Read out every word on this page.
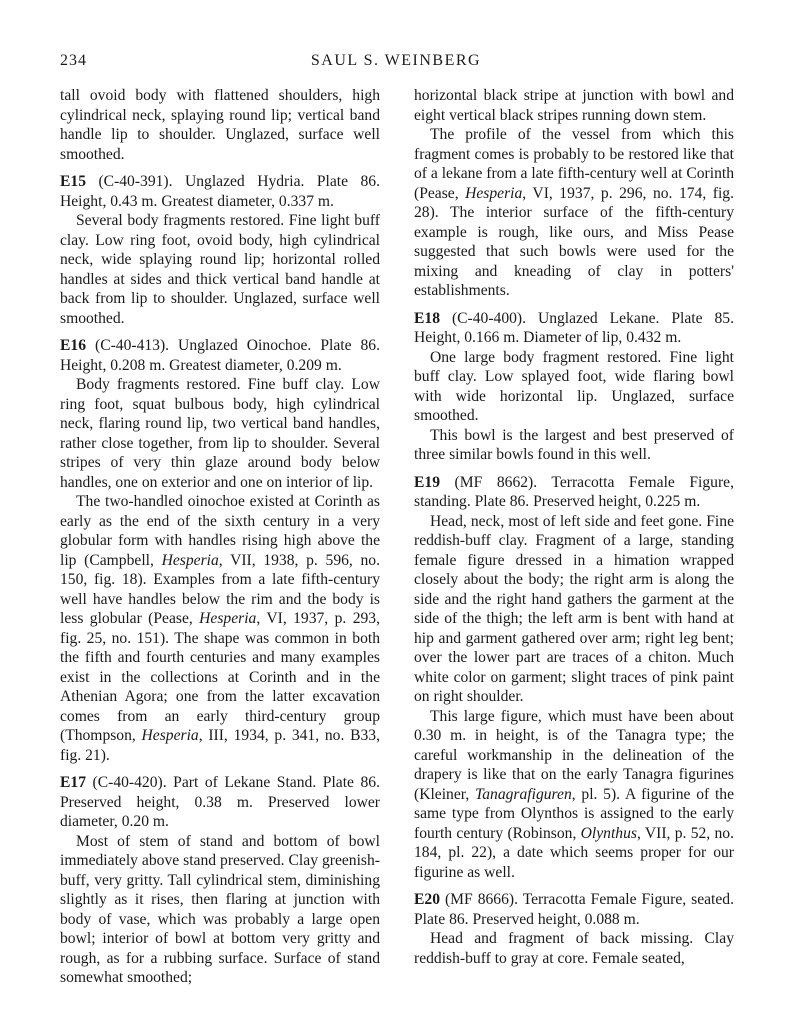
234	SAUL S. WEINBERG

tall ovoid body with flattened shoulders, high cylindrical neck, splaying round lip; vertical band handle lip to shoulder. Unglazed, surface well smoothed.

E15 (C-40-391). Unglazed Hydria. Plate 86. Height, 0.43 m. Greatest diameter, 0.337 m.

Several body fragments restored. Fine light buff clay. Low ring foot, ovoid body, high cylindrical neck, wide splaying round lip; horizontal rolled handles at sides and thick vertical band handle at back from lip to shoulder. Unglazed, surface well smoothed.

E16 (C-40-413). Unglazed Oinochoe. Plate 86. Height, 0.208 m. Greatest diameter, 0.209 m.

Body fragments restored. Fine buff clay. Low ring foot, squat bulbous body, high cylindrical neck, flaring round lip, two vertical band handles, rather close together, from lip to shoulder. Several stripes of very thin glaze around body below handles, one on exterior and one on interior of lip.

The two-handled oinochoe existed at Corinth as early as the end of the sixth century in a very globular form with handles rising high above the lip (Campbell, Hesperia, VII, 1938, p. 596, no. 150, fig. 18). Examples from a late fifth-century well have handles below the rim and the body is less globular (Pease, Hesperia, VI, 1937, p. 293, fig. 25, no. 151). The shape was common in both the fifth and fourth centuries and many examples exist in the collections at Corinth and in the Athenian Agora; one from the latter excavation comes from an early third-century group (Thompson, Hesperia, III, 1934, p. 341, no. B33, fig. 21).

E17 (C-40-420). Part of Lekane Stand. Plate 86. Preserved height, 0.38 m. Preserved lower diameter, 0.20 m.

Most of stem of stand and bottom of bowl immediately above stand preserved. Clay greenish-buff, very gritty. Tall cylindrical stem, diminishing slightly as it rises, then flaring at junction with body of vase, which was probably a large open bowl; interior of bowl at bottom very gritty and rough, as for a rubbing surface. Surface of stand somewhat smoothed;

horizontal black stripe at junction with bowl and eight vertical black stripes running down stem.

The profile of the vessel from which this fragment comes is probably to be restored like that of a lekane from a late fifth-century well at Corinth (Pease, Hesperia, VI, 1937, p. 296, no. 174, fig. 28). The interior surface of the fifth-century example is rough, like ours, and Miss Pease suggested that such bowls were used for the mixing and kneading of clay in potters' establishments.

E18 (C-40-400). Unglazed Lekane. Plate 85. Height, 0.166 m. Diameter of lip, 0.432 m.

One large body fragment restored. Fine light buff clay. Low splayed foot, wide flaring bowl with wide horizontal lip. Unglazed, surface smoothed.

This bowl is the largest and best preserved of three similar bowls found in this well.

E19 (MF 8662). Terracotta Female Figure, standing. Plate 86. Preserved height, 0.225 m.

Head, neck, most of left side and feet gone. Fine reddish-buff clay. Fragment of a large, standing female figure dressed in a himation wrapped closely about the body; the right arm is along the side and the right hand gathers the garment at the side of the thigh; the left arm is bent with hand at hip and garment gathered over arm; right leg bent; over the lower part are traces of a chiton. Much white color on garment; slight traces of pink paint on right shoulder.

This large figure, which must have been about 0.30 m. in height, is of the Tanagra type; the careful workmanship in the delineation of the drapery is like that on the early Tanagra figurines (Kleiner, Tanagrafiguren, pl. 5). A figurine of the same type from Olynthos is assigned to the early fourth century (Robinson, Olynthus, VII, p. 52, no. 184, pl. 22), a date which seems proper for our figurine as well.

E20 (MF 8666). Terracotta Female Figure, seated. Plate 86. Preserved height, 0.088 m.

Head and fragment of back missing. Clay reddish-buff to gray at core. Female seated,
